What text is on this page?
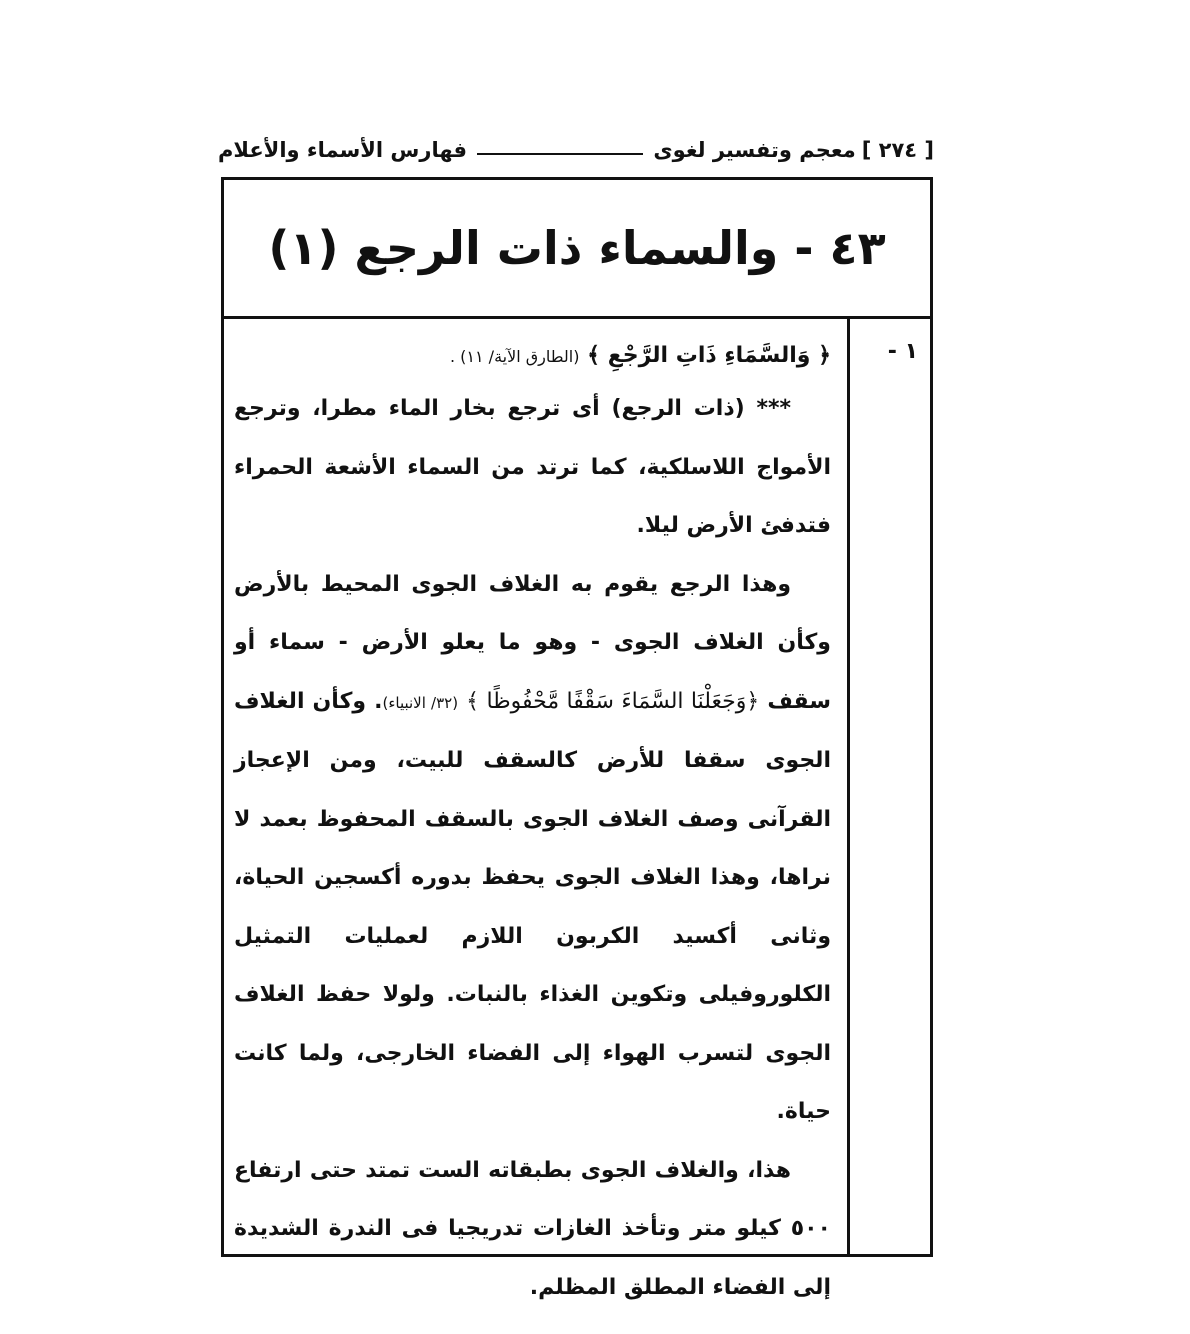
[ ٢٧٤ ]
معجم وتفسير لغوى
فهارس الأسماء والأعلام
٤٣ - والسماء ذات الرجع (١)
١ -
﴿ وَالسَّمَاءِ ذَاتِ الرَّجْعِ ﴾ (الطارق الآية/ ١١) .

*** (ذات الرجع) أى ترجع بخار الماء مطرا، وترجع الأمواج اللاسلكية، كما ترتد من السماء الأشعة الحمراء فتدفئ الأرض ليلا.

وهذا الرجع يقوم به الغلاف الجوى المحيط بالأرض وكأن الغلاف الجوى - وهو ما يعلو الأرض - سماء أو سقف ﴿وَجَعَلْنَا السَّمَاءَ سَقْفًا مَّحْفُوظًا ﴾ (٣٢/ الانبياء). وكأن الغلاف الجوى سقفا للأرض كالسقف للبيت، ومن الإعجاز القرآنى وصف الغلاف الجوى بالسقف المحفوظ بعمد لا نراها، وهذا الغلاف الجوى يحفظ بدوره أكسجين الحياة، وثانى أكسيد الكربون اللازم لعمليات التمثيل الكلوروفيلى وتكوين الغذاء بالنبات. ولولا حفظ الغلاف الجوى لتسرب الهواء إلى الفضاء الخارجى، ولما كانت حياة.

هذا، والغلاف الجوى بطبقاته الست تمتد حتى ارتفاع ٥٠٠ كيلو متر وتأخذ الغازات تدريجيا فى الندرة الشديدة إلى الفضاء المطلق المظلم.
